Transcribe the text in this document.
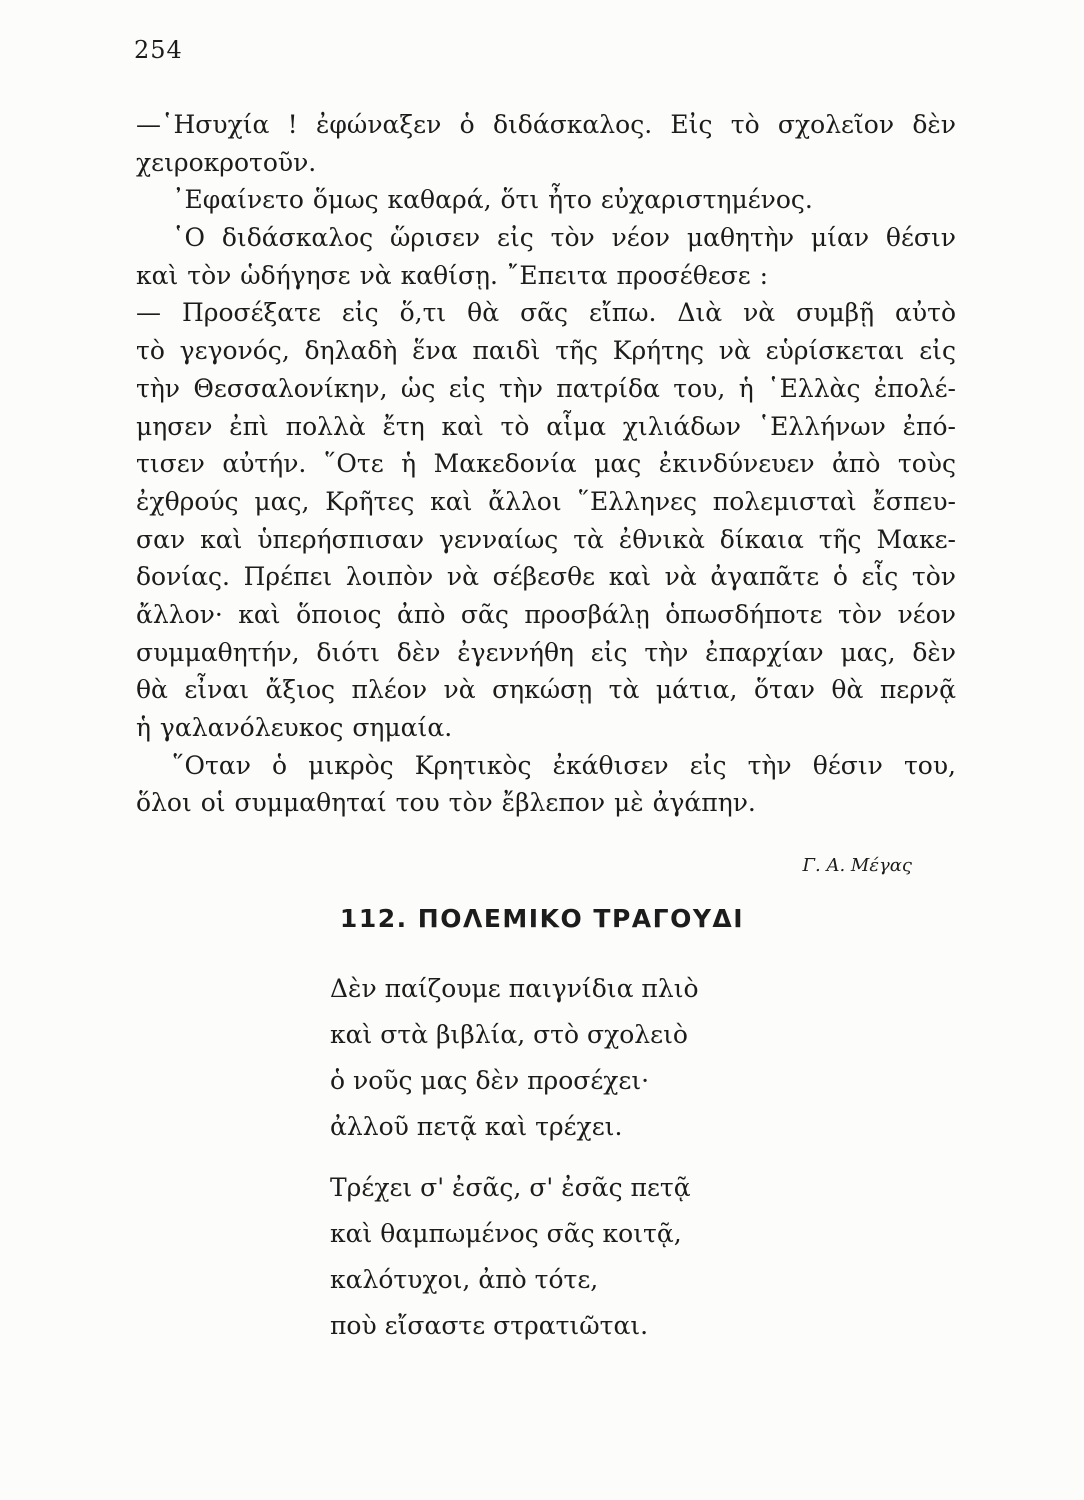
254
—῾Ησυχία ! ἐφώναξεν ὁ διδάσκαλος. Εἰς τὸ σχολεῖον δὲν
χειροκροτοῦν.
᾿Εφαίνετο ὅμως καθαρά, ὅτι ἦτο εὐχαριστημένος.
῾Ο διδάσκαλος ὥρισεν εἰς τὸν νέον μαθητὴν μίαν θέσιν
καὶ τὸν ὡδήγησε νὰ καθίσῃ. ῎Επειτα προσέθεσε :
— Προσέξατε εἰς ὅ,τι θὰ σᾶς εἴπω. Διὰ νὰ συμβῇ αὐτὸ
τὸ γεγονός, δηλαδὴ ἕνα παιδὶ τῆς Κρήτης νὰ εὑρίσκεται εἰς
τὴν Θεσσαλονίκην, ὡς εἰς τὴν πατρίδα του, ἡ ῾Ελλὰς ἐπολέ-
μησεν ἐπὶ πολλὰ ἔτη καὶ τὸ αἷμα χιλιάδων ῾Ελλήνων ἐπό-
τισεν αὐτήν. ῞Οτε ἡ Μακεδονία μας ἐκινδύνευεν ἀπὸ τοὺς
ἐχθρούς μας, Κρῆτες καὶ ἄλλοι ῞Ελληνες πολεμισταὶ ἔσπευ-
σαν καὶ ὑπερήσπισαν γενναίως τὰ ἐθνικὰ δίκαια τῆς Μακε-
δονίας. Πρέπει λοιπὸν νὰ σέβεσθε καὶ νὰ ἀγαπᾶτε ὁ εἷς τὸν
ἄλλον· καὶ ὅποιος ἀπὸ σᾶς προσβάλῃ ὁπωσδήποτε τὸν νέον
συμμαθητήν, διότι δὲν ἐγεννήθη εἰς τὴν ἐπαρχίαν μας, δὲν
θὰ εἶναι ἄξιος πλέον νὰ σηκώσῃ τὰ μάτια, ὅταν θὰ περνᾷ
ἡ γαλανόλευκος σημαία.
῞Οταν ὁ μικρὸς Κρητικὸς ἐκάθισεν εἰς τὴν θέσιν του,
ὅλοι οἱ συμμαθηταί του τὸν ἔβλεπον μὲ ἀγάπην.
Γ. Α. Μέγας
112. ΠΟΛΕΜΙΚΟ ΤΡΑΓΟΥΔΙ
Δὲν παίζουμε παιγνίδια πλιὸ
καὶ στὰ βιβλία, στὸ σχολειὸ
ὁ νοῦς μας δὲν προσέχει·
ἀλλοῦ πετᾷ καὶ τρέχει.
Τρέχει σ' ἐσᾶς, σ' ἐσᾶς πετᾷ
καὶ θαμπωμένος σᾶς κοιτᾷ,
καλότυχοι, ἀπὸ τότε,
ποὺ εἴσαστε στρατιῶται.
